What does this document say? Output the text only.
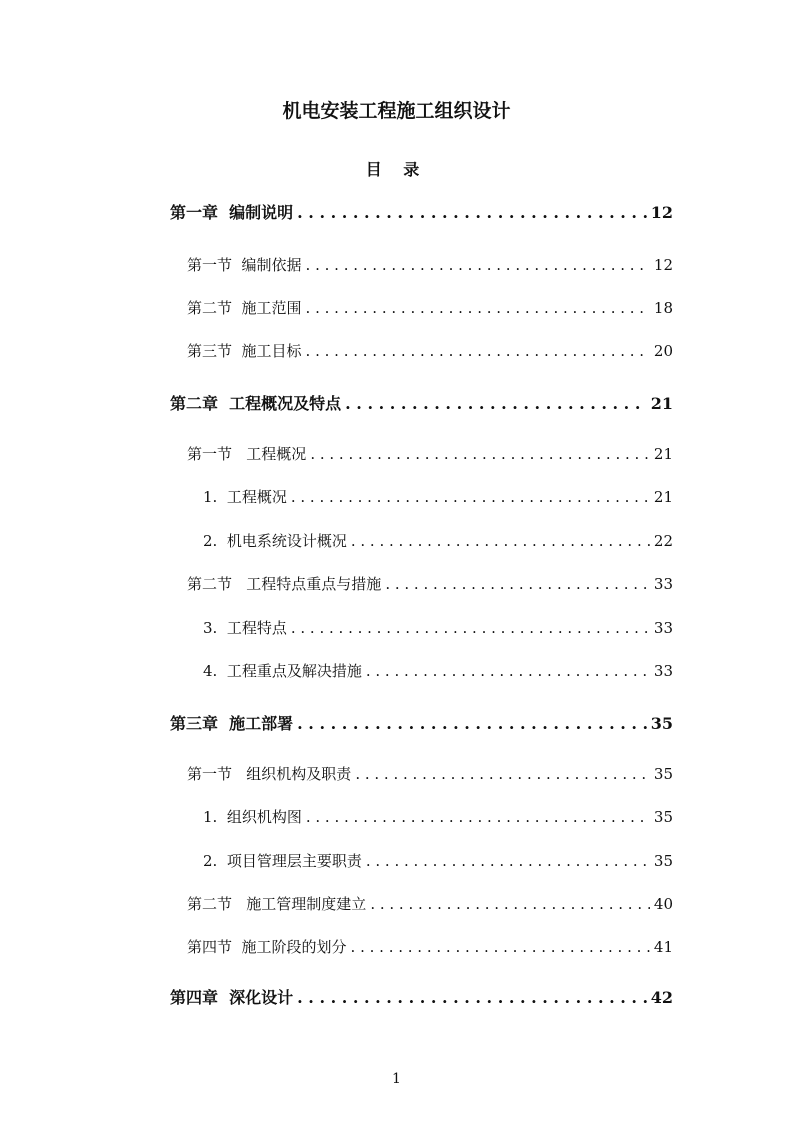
机电安装工程施工组织设计
目 录
第一章  编制说明 . . .	12
第一节  编制依据 . . .	12
第二节  施工范围 . . .	18
第三节  施工目标 . . .	20
第二章  工程概况及特点 . . .	21
第一节   工程概况 . . .	21
1.  工程概况 . . .	21
2.  机电系统设计概况 . . .	22
第二节   工程特点重点与措施 . . .	33
3.  工程特点 . . .	33
4.  工程重点及解决措施 . . .	33
第三章  施工部署 . . .	35
第一节   组织机构及职责 . . .	35
1.  组织机构图 . . .	35
2.  项目管理层主要职责 . . .	35
第二节   施工管理制度建立 . . .	40
第四节  施工阶段的划分 . . .	41
第四章  深化设计 . . .	42
1
